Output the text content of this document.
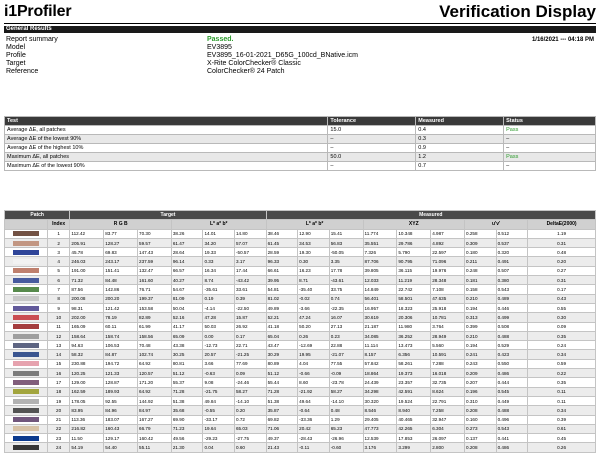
i1Profiler	Verification Display
General Results
Report summary	Passed.	1/16/2021 --- 04:18 PM
Model	EV3895
Profile	EV3895_16-01-2021_D65G_100cd_BNative.icm
Target	X-Rite ColorChecker® Classic
Reference	ColorChecker® 24 Patch
Test	Tolerance	Measured	Status
Average ΔE, all patches	15.0	0.4	Pass
Average ΔE of the lowest 90%	–	0.3	–
Average ΔE of the highest 10%	–	0.9	–
Maximum ΔE, all patches	50.0	1.2	Pass
Maximum ΔE of the lowest 90%	–	0.7	–
Patch		Target						Measured								
	Index	R G B			L* a* b*			L* a* b*			XYZ			u'v'		DeltaE(2000)

	1	112.42	83.77	70.30	38.26	14.01	14.80	38.46	12.90	15.41	11.774	10.348	4.987	0.258	0.512	1.19

	2	205.91	128.27	59.57	61.47	34.20	57.07	61.45	34.53	56.83	35.551	29.786	4.892	0.309	0.537	0.31

	3	45.78	69.83	147.43	28.64	19.33	-50.57	28.59	19.30	-50.05	7.326	5.790	22.597	0.180	0.320	0.48

	4	246.03	243.17	237.59	96.14	0.33	3.17	96.33	0.30	3.35	87.706	90.795	71.096	0.211	0.491	0.20

	5	191.00	151.41	132.47	66.57	16.34	17.44	66.61	16.23	17.78	39.805	36.115	19.976	0.248	0.507	0.27

	6	71.32	84.48	161.60	40.27	8.74	-43.42	39.95	8.71	-43.61	12.033	11.219	28.348	0.181	0.380	0.31

	7	87.56	142.86	76.71	54.67	-35.61	33.61	54.81	-35.40	33.75	14.849	22.742	7.108	0.158	0.543	0.17

	8	200.08	200.20	199.37	81.09	0.19	0.39	81.02	-0.02	0.74	56.401	58.501	47.635	0.210	0.489	0.43

	9	98.31	121.42	153.58	50.04	-4.14	-22.50	49.89	-3.66	-22.35	16.957	18.323	25.918	0.194	0.446	0.55

	10	202.00	78.19	82.89	52.16	47.28	15.87	52.21	47.24	16.07	30.619	20.306	10.781	0.313	0.499	0.30

	11	165.09	60.11	61.99	41.17	50.03	26.92	41.18	50.20	27.13	21.187	11.980	3.764	0.399	0.508	0.09

	12	158.64	158.74	158.56	65.09	0.00	0.17	65.04	0.26	0.23	34.085	36.252	28.949	0.210	0.488	0.35

	13	94.63	106.53	70.48	43.38	-12.73	22.71	43.47	-12.69	22.88	11.114	13.473	5.560	0.194	0.529	0.24

	14	58.32	84.87	102.74	30.25	20.57	-21.25	30.29	19.95	-21.07	8.157	6.356	10.591	0.241	0.423	0.34

	15	230.88	194.72	64.92	80.81	3.66	77.69	80.89	4.04	77.55	57.842	58.261	7.288	0.243	0.550	0.59

	16	120.25	121.33	120.57	51.12	-0.63	0.09	51.12	-0.66	-0.09	18.864	19.373	16.018	0.209	0.486	0.22

	17	129.00	128.87	171.20	55.37	9.08	-24.46	55.44	8.60	-23.78	24.439	23.357	32.735	0.207	0.444	0.35

	18	162.59	189.93	64.92	71.28	-21.75	58.27	71.28	-21.92	58.27	34.298	42.591	8.624	0.196	0.545	0.11

	19	178.05	92.55	144.92	51.38	49.84	-14.10	51.38	49.64	-14.10	30.320	19.524	22.791	0.310	0.449	0.11

	20	83.95	84.96	84.97	35.68	-0.55	0.20	35.87	-0.64	0.48	8.546	8.940	7.258	0.208	0.488	0.34

	21	113.36	183.07	167.27	69.90	-33.17	0.72	69.82	-33.36	1.29	29.405	40.465	32.947	0.160	0.496	0.39

	22	216.82	160.43	66.79	71.23	19.64	65.03	71.06	20.42	65.23	47.773	42.265	6.304	0.273	0.543	0.61

	23	11.50	129.17	160.42	49.56	-29.23	-27.75	49.37	-28.43	-26.96	12.539	17.853	26.097	0.137	0.441	0.45

	24	54.19	54.40	55.11	21.30	0.04	0.60	21.43	-0.11	-0.60	3.176	3.299	2.800	0.208	0.486	0.26
